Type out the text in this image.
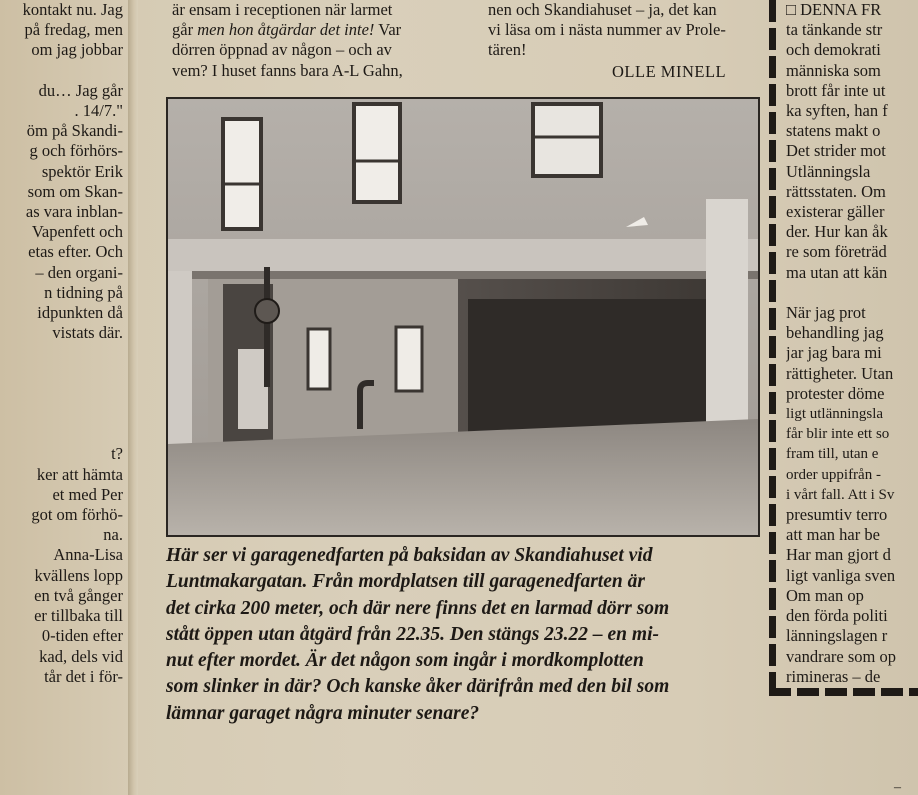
kontakt nu. Jag
på fredag, men
om jag jobbar

du… Jag går
. 14/7."
öm på Skandi-
g och förhörs-
spektör Erik
som om Skan-
as vara inblan-
Vapenfett och
etas efter. Och
– den organi-
n tidning på
idpunkten då
vistats där.

t?
ker att hämta
et med Per
got om förhö-
na.
Anna-Lisa
kvällens lopp
en två gånger
er tillbaka till
0-tiden efter
kad, dels vid
tår det i för-
är ensam i receptionen när larmet
går men hon åtgärdar det inte! Var
dörren öppnad av någon – och av
vem? I huset fanns bara A-L Gahn,
nen och Skandiahuset – ja, det kan
vi läsa om i nästa nummer av Prole-
tären!
OLLE MINELL
□ DENNA FR
ta tänkande str
och demokrati
människa som
brott får inte ut
ka syften, han f
statens makt o
Det strider mot
Utlänningsla
rättsstaten. Om
existerar gäller
der. Hur kan åk
re som företräd
ma utan att kän

När jag prot
behandling jag
jar jag bara mi
rättigheter. Utan
protester döme
ligt utlänningsla
får blir inte ett so
fram till, utan e
order uppifrån -
i vårt fall. Att i Sv
presumtiv terro
att man har be
Har man gjort d
ligt vanliga sven
Om man op
den förda politi
länningslagen r
vandrare som op
rimineras – de
Här ser vi garagenedfarten på baksidan av Skandiahuset vid
Luntmakargatan. Från mordplatsen till garagenedfarten är
det cirka 200 meter, och där nere finns det en larmad dörr som
stått öppen utan åtgärd från 22.35. Den stängs 23.22 – en mi-
nut efter mordet. Är det någon som ingår i mordkomplotten
som slinker in där? Och kanske åker därifrån med den bil som
lämnar garaget några minuter senare?
–
